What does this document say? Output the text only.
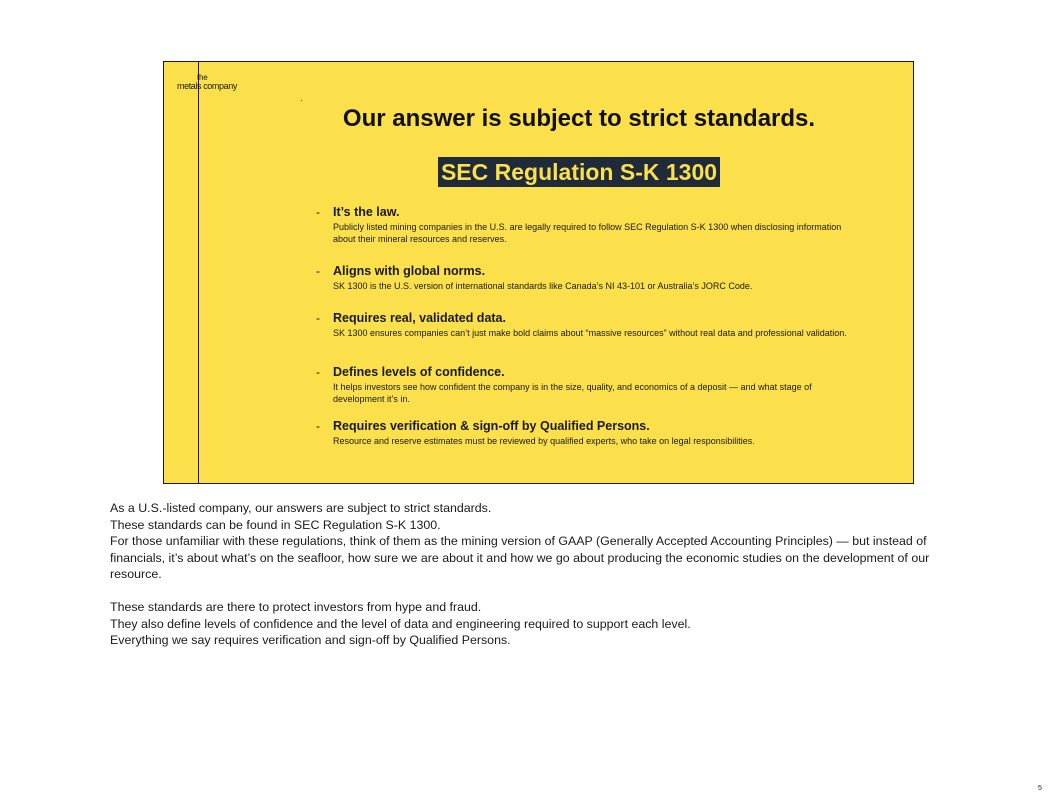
the
metals company
Our answer is subject to strict standards.
SEC Regulation S-K 1300
- It’s the law.
Publicly listed mining companies in the U.S. are legally required to follow SEC Regulation S-K 1300 when disclosing information about their mineral resources and reserves.
- Aligns with global norms.
SK 1300 is the U.S. version of international standards like Canada’s NI 43-101 or Australia’s JORC Code.
- Requires real, validated data.
SK 1300 ensures companies can’t just make bold claims about “massive resources” without real data and professional validation.
- Defines levels of confidence.
It helps investors see how confident the company is in the size, quality, and economics of a deposit — and what stage of development it’s in.
- Requires verification & sign-off by Qualified Persons.
Resource and reserve estimates must be reviewed by qualified experts, who take on legal responsibilities.

As a U.S.-listed company, our answers are subject to strict standards.

These standards can be found in SEC Regulation S-K 1300.

For those unfamiliar with these regulations, think of them as the mining version of GAAP (Generally Accepted Accounting Principles) — but instead of financials, it’s about what’s on the seafloor, how sure we are about it and how we go about producing the economic studies on the development of our resource.

These standards are there to protect investors from hype and fraud.

They also define levels of confidence and the level of data and engineering required to support each level.

Everything we say requires verification and sign-off by Qualified Persons.

5
